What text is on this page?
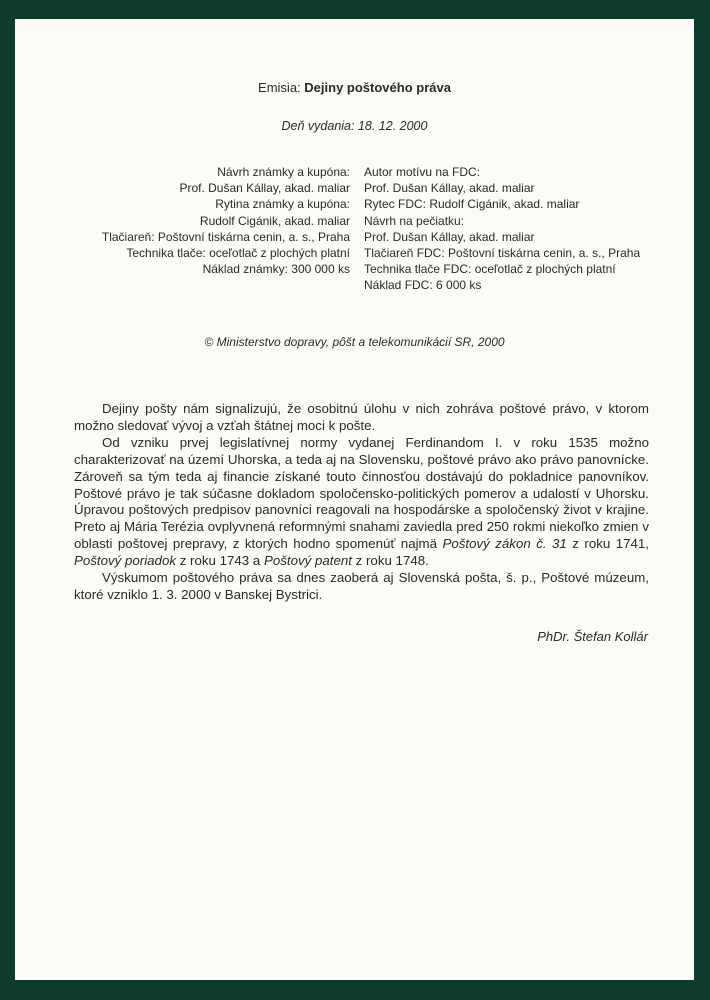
Emisia: Dejiny poštového práva
Deň vydania: 18. 12. 2000
Návrh známky a kupóna:
Prof. Dušan Kállay, akad. maliar
Rytina známky a kupóna:
Rudolf Cigánik, akad. maliar
Tlačiareň: Poštovní tiskárna cenin, a. s., Praha
Technika tlače: oceľotlač z plochých platní
Náklad známky: 300 000 ks
Autor motívu na FDC:
Prof. Dušan Kállay, akad. maliar
Rytec FDC: Rudolf Cigánik, akad. maliar
Návrh na pečiatku:
Prof. Dušan Kállay, akad. maliar
Tlačiareň FDC: Poštovní tiskárna cenin, a. s., Praha
Technika tlače FDC: oceľotlač z plochých platní
Náklad FDC: 6 000 ks
© Ministerstvo dopravy, pôšt a telekomunikácií SR, 2000

Dejiny pošty nám signalizujú, že osobitnú úlohu v nich zohráva poštové právo, v ktorom možno sledovať vývoj a vzťah štátnej moci k pošte.

Od vzniku prvej legislatívnej normy vydanej Ferdinandom I. v roku 1535 možno charakterizovať na území Uhorska, a teda aj na Slovensku, poštové právo ako právo panovnícke. Zároveň sa tým teda aj financie získané touto činnosťou dostávajú do pokladnice panovníkov. Poštové právo je tak súčasne dokladom spoločensko-politických pomerov a udalostí v Uhorsku. Úpravou poštových predpisov panovníci reagovali na hospodárske a spoločenský život v krajine. Preto aj Mária Terézia ovplyvnená reformnými snahami zaviedla pred 250 rokmi niekoľko zmien v oblasti poštovej prepravy, z ktorých hodno spomenúť najmä Poštový zákon č. 31 z roku 1741, Poštový poriadok z roku 1743 a Poštový patent z roku 1748.

Výskumom poštového práva sa dnes zaoberá aj Slovenská pošta, š. p., Poštové múzeum, ktoré vzniklo 1. 3. 2000 v Banskej Bystrici.

PhDr. Štefan Kollár
